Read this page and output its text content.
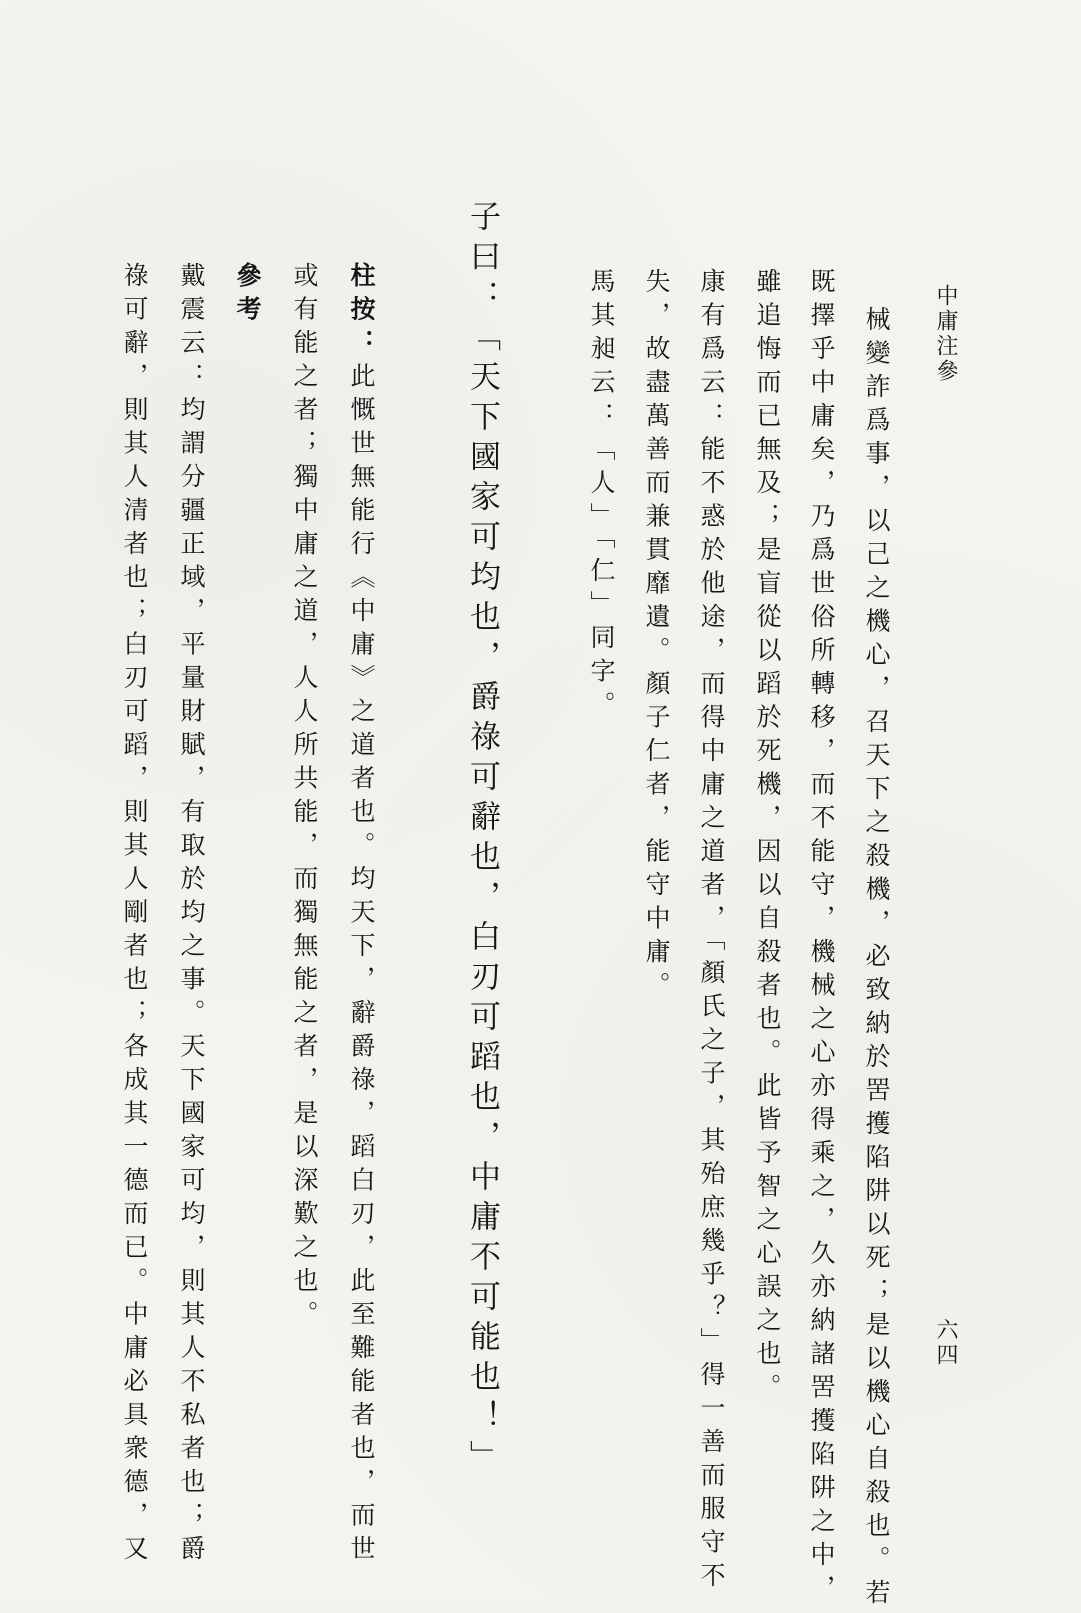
中庸注參
六四
械變詐爲事，以己之機心，召天下之殺機，必致納於罟擭陷阱以死；是以機心自殺也。若
既擇乎中庸矣，乃爲世俗所轉移，而不能守，機械之心亦得乘之，久亦納諸罟擭陷阱之中，
雖追悔而已無及；是盲從以蹈於死機，因以自殺者也。此皆予智之心誤之也。
康有爲云：能不惑於他途，而得中庸之道者，「顏氏之子，其殆庶幾乎？」得一善而服守不
失，故盡萬善而兼貫靡遺。顏子仁者，能守中庸。
馬其昶云：「人」「仁」同字。
子曰：「天下國家可均也，爵祿可辭也，白刃可蹈也，中庸不可能也！」
柱按：此慨世無能行《中庸》之道者也。均天下，辭爵祿，蹈白刃，此至難能者也，而世
或有能之者；獨中庸之道，人人所共能，而獨無能之者，是以深歎之也。
參考
戴震云：均謂分疆正域，平量財賦，有取於均之事。天下國家可均，則其人不私者也；爵
祿可辭，則其人清者也；白刃可蹈，則其人剛者也；各成其一德而已。中庸必具衆德，又
